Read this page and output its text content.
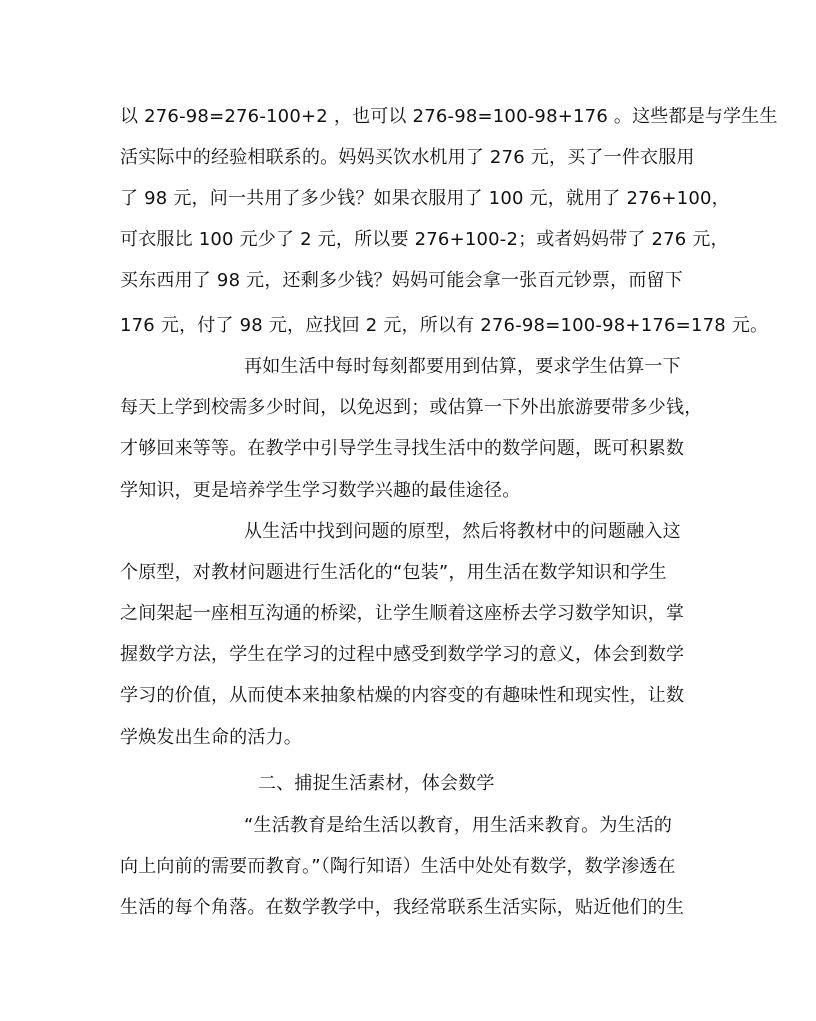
以 276-98=276-100+2 ，也可以 276-98=100-98+176 。这些都是与学生生
活实际中的经验相联系的。妈妈买饮水机用了 276 元，买了一件衣服用
了 98 元，问一共用了多少钱？如果衣服用了 100 元，就用了 276+100，
可衣服比 100 元少了 2 元，所以要 276+100-2；或者妈妈带了 276 元，
买东西用了 98 元，还剩多少钱？妈妈可能会拿一张百元钞票，而留下
176 元，付了 98 元，应找回 2 元，所以有 276-98=100-98+176=178 元。
再如生活中每时每刻都要用到估算，要求学生估算一下
每天上学到校需多少时间，以免迟到；或估算一下外出旅游要带多少钱，
才够回来等等。在教学中引导学生寻找生活中的数学问题，既可积累数
学知识，更是培养学生学习数学兴趣的最佳途径。
从生活中找到问题的原型，然后将教材中的问题融入这
个原型，对教材问题进行生活化的“包装”，用生活在数学知识和学生
之间架起一座相互沟通的桥梁，让学生顺着这座桥去学习数学知识，掌
握数学方法，学生在学习的过程中感受到数学学习的意义，体会到数学
学习的价值，从而使本来抽象枯燥的内容变的有趣味性和现实性，让数
学焕发出生命的活力。
二、捕捉生活素材，体会数学
“生活教育是给生活以教育，用生活来教育。为生活的
向上向前的需要而教育。”（陶行知语）生活中处处有数学，数学渗透在
生活的每个角落。在数学教学中，我经常联系生活实际，贴近他们的生
